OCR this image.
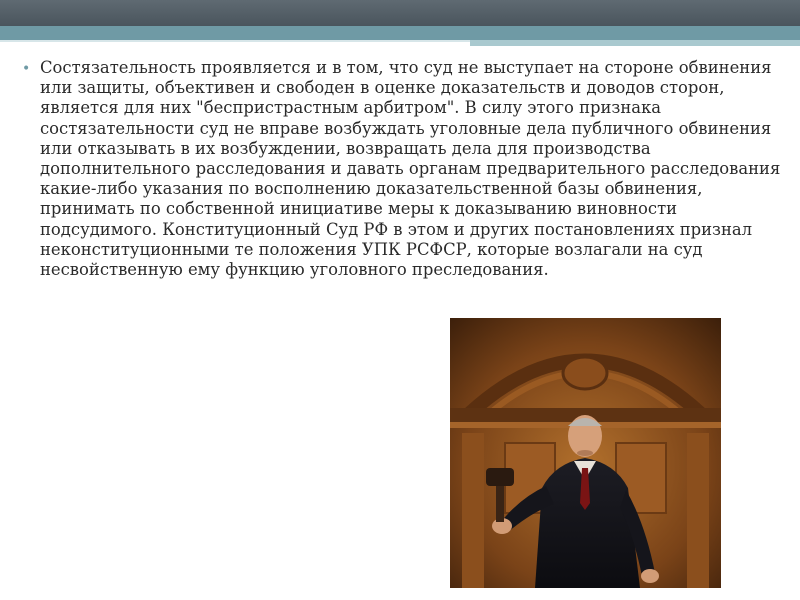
• Состязательность проявляется и в том, что суд не выступает на стороне обвинения или защиты, объективен и свободен в оценке доказательств и доводов сторон, является для них "беспристрастным арбитром". В силу этого признака состязательности суд не вправе возбуждать уголовные дела публичного обвинения или отказывать в их возбуждении, возвращать дела для производства дополнительного расследования и давать органам предварительного расследования какие-либо указания по восполнению доказательственной базы обвинения, принимать по собственной инициативе меры к доказыванию виновности подсудимого. Конституционный Суд РФ в этом и других постановлениях признал неконституционными те положения УПК РСФСР, которые возлагали на суд несвойственную ему функцию уголовного преследования.
